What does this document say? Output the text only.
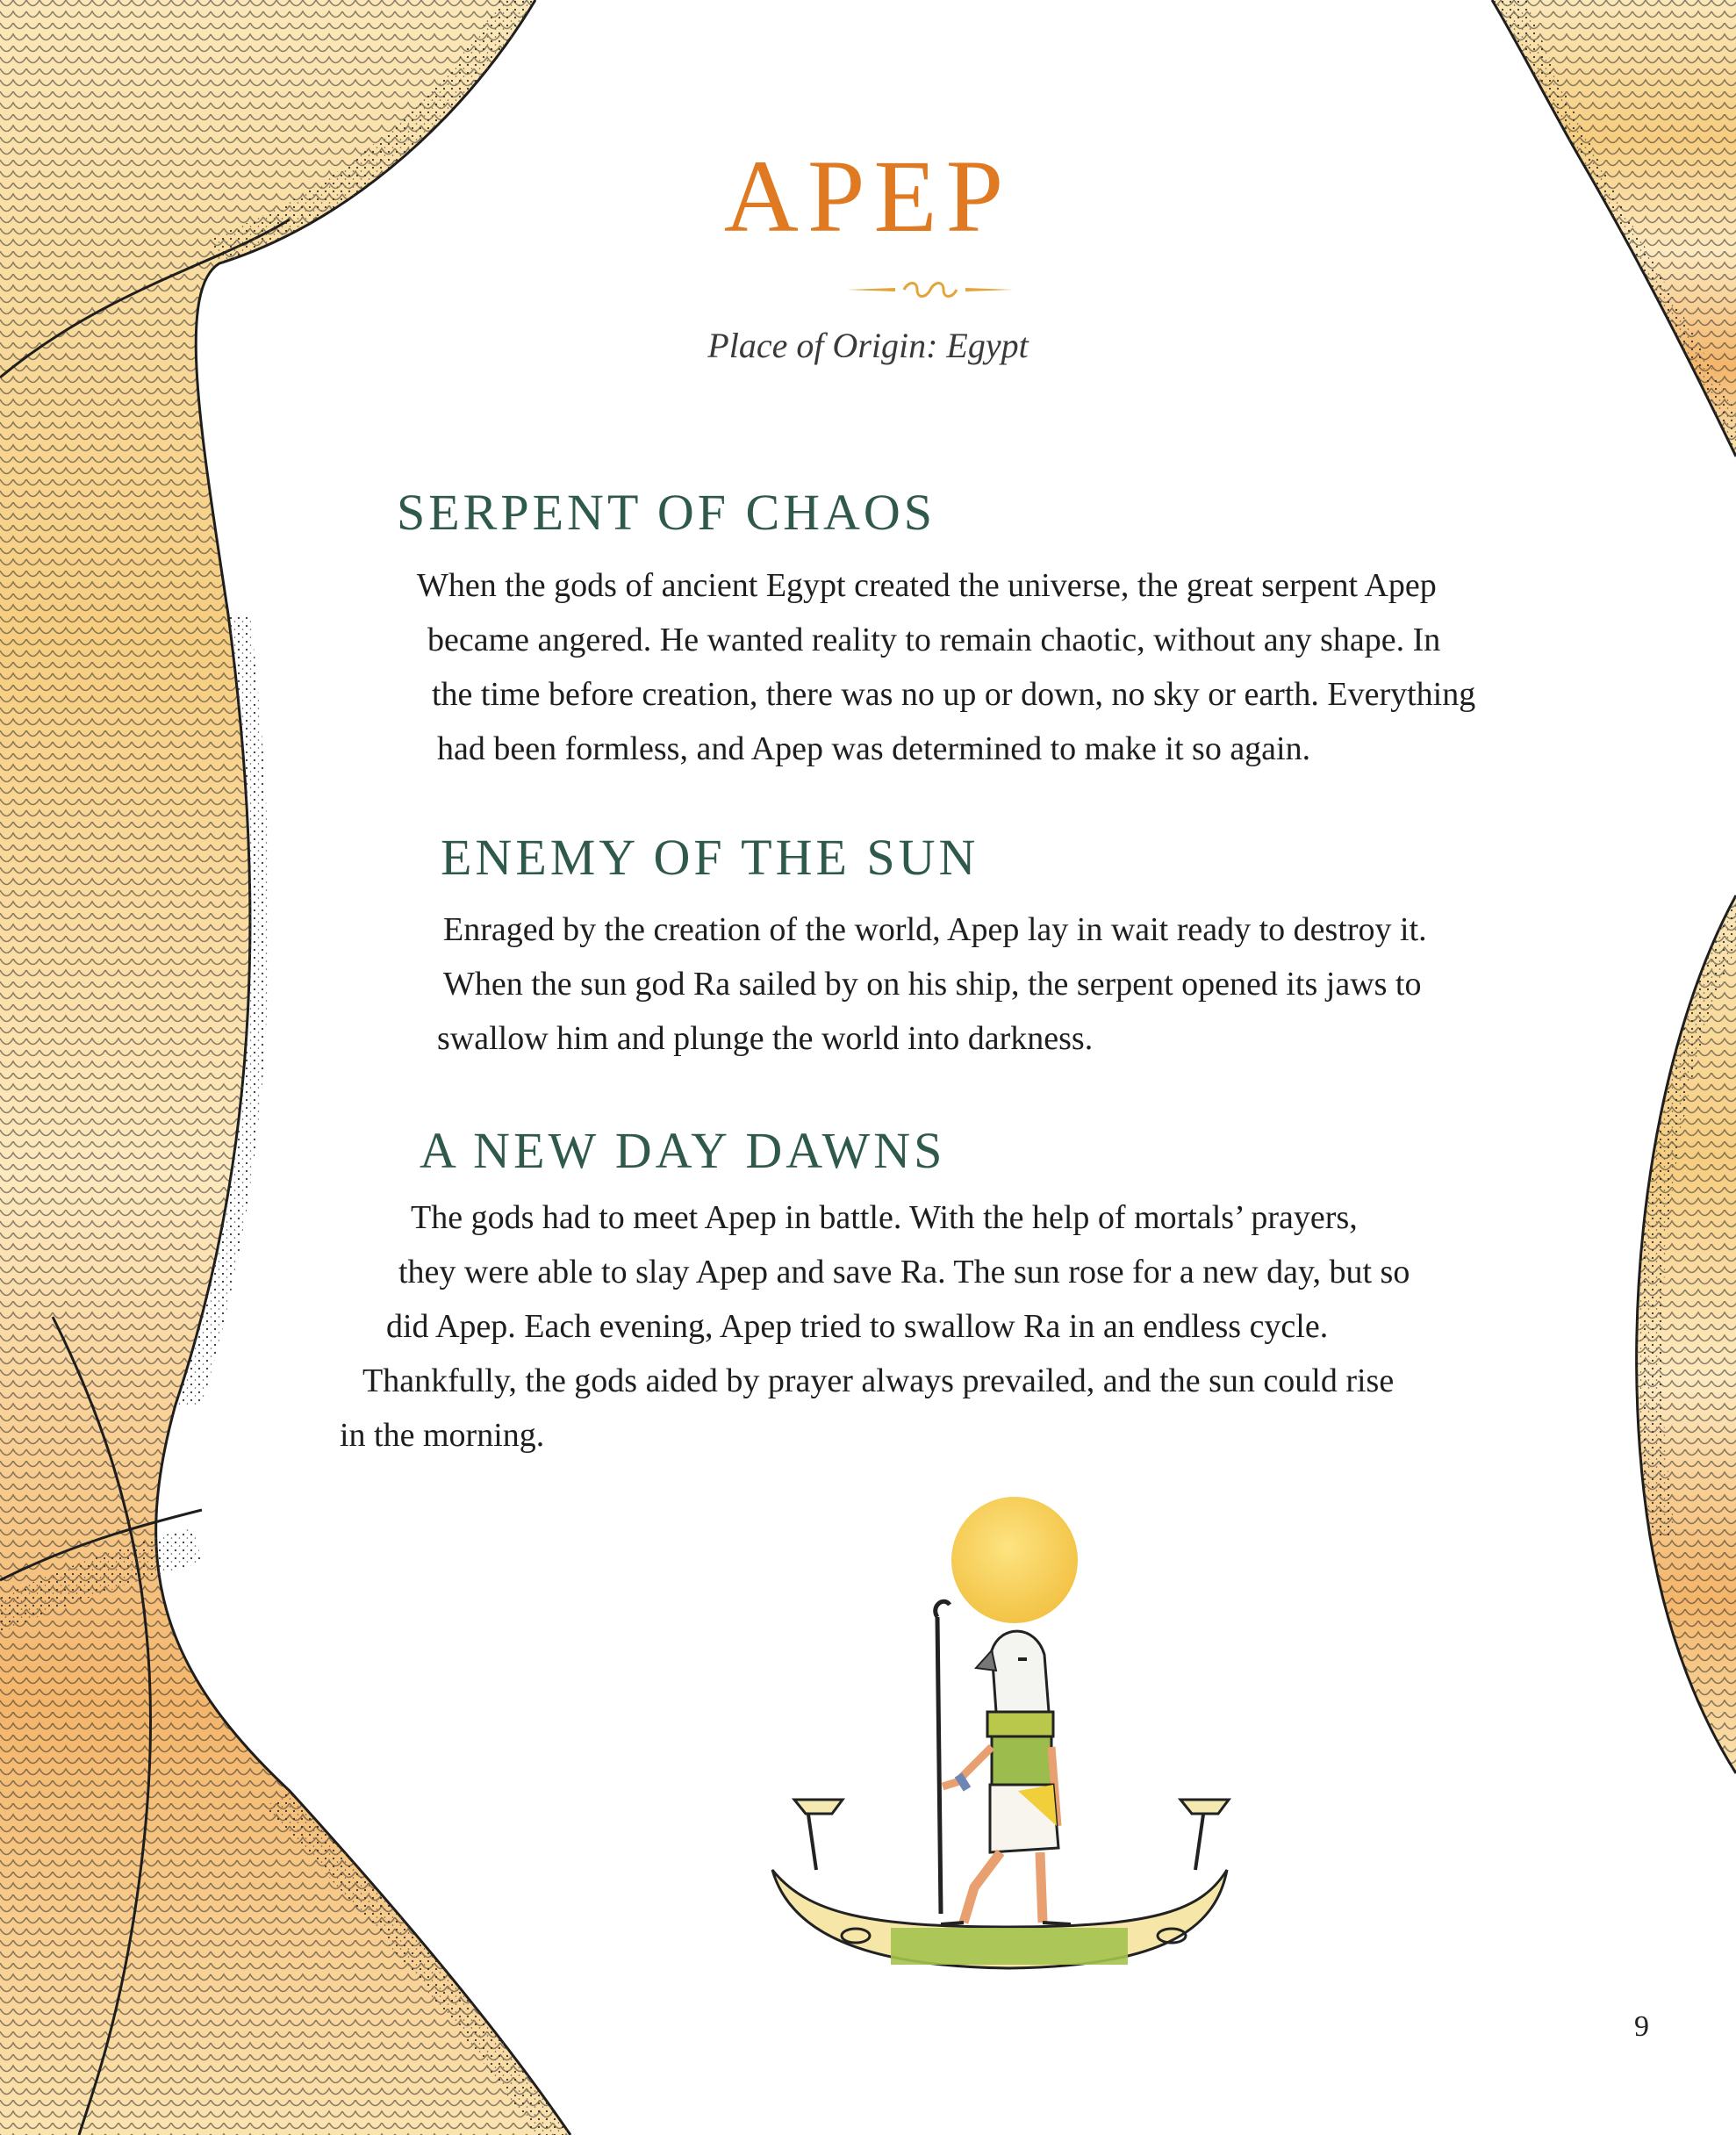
APEP
Place of Origin: Egypt
SERPENT OF CHAOS
When the gods of ancient Egypt created the universe, the great serpent Apep
became angered. He wanted reality to remain chaotic, without any shape. In
the time before creation, there was no up or down, no sky or earth. Everything
had been formless, and Apep was determined to make it so again.
ENEMY OF THE SUN
Enraged by the creation of the world, Apep lay in wait ready to destroy it.
When the sun god Ra sailed by on his ship, the serpent opened its jaws to
swallow him and plunge the world into darkness.
A NEW DAY DAWNS
The gods had to meet Apep in battle. With the help of mortals’ prayers,
they were able to slay Apep and save Ra. The sun rose for a new day, but so
did Apep. Each evening, Apep tried to swallow Ra in an endless cycle.
Thankfully, the gods aided by prayer always prevailed, and the sun could rise
in the morning.
9
